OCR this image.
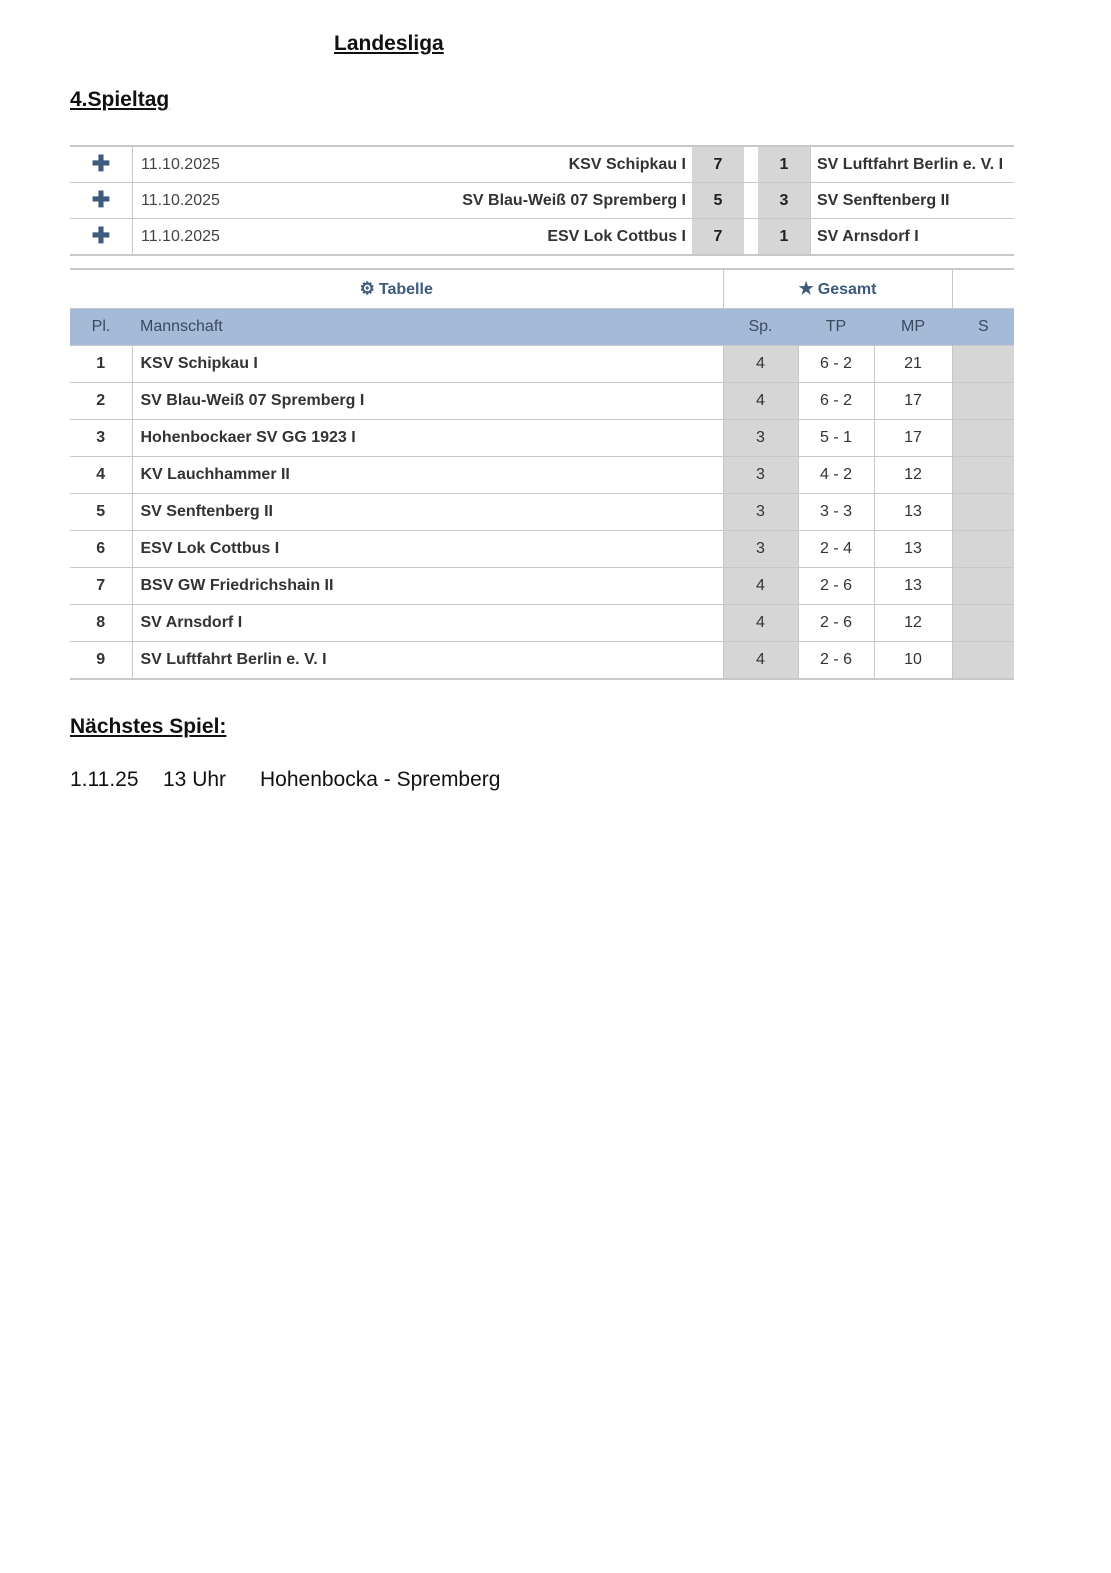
Landesliga
4.Spieltag
✚	11.10.2025	KSV Schipkau I	7		1	SV Luftfahrt Berlin e. V. I
✚	11.10.2025	SV Blau-Weiß 07 Spremberg I	5		3	SV Senftenberg II
✚	11.10.2025	ESV Lok Cottbus I	7		1	SV Arnsdorf I
⚙ Tabelle		★ Gesamt			
Pl.	Mannschaft	Sp.	TP	MP	S
1	KSV Schipkau I	4	6 - 2	21	
2	SV Blau-Weiß 07 Spremberg I	4	6 - 2	17	
3	Hohenbockaer SV GG 1923 I	3	5 - 1	17	
4	KV Lauchhammer II	3	4 - 2	12	
5	SV Senftenberg II	3	3 - 3	13	
6	ESV Lok Cottbus I	3	2 - 4	13	
7	BSV GW Friedrichshain II	4	2 - 6	13	
8	SV Arnsdorf I	4	2 - 6	12	
9	SV Luftfahrt Berlin e. V. I	4	2 - 6	10	
Nächstes Spiel:
1.11.25 13 Uhr Hohenbocka - Spremberg
